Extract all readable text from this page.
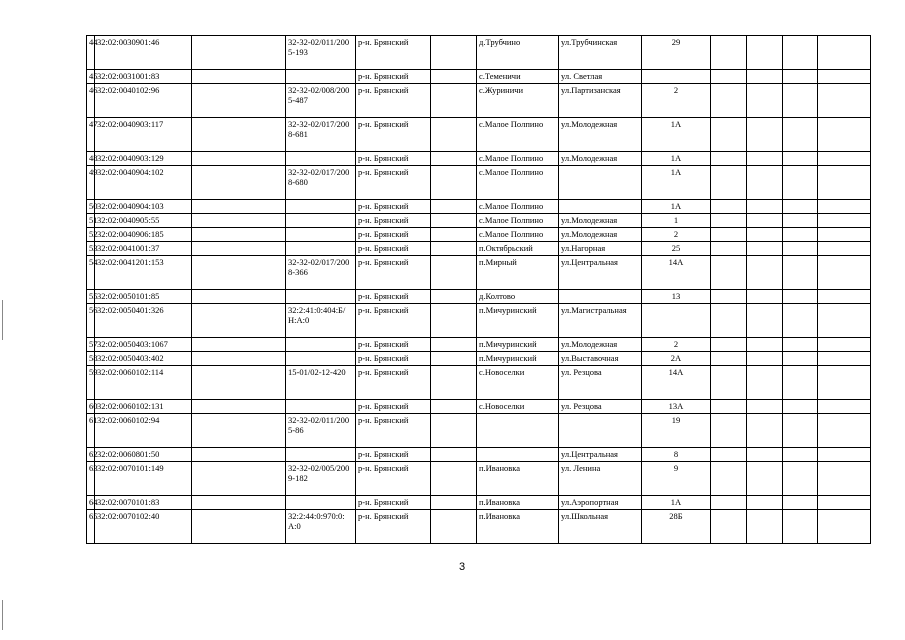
44	32:02:0030901:46		32-32-02/011/2005-193	р-н. Брянский		д.Трубчино	ул.Трубчинская	29				
45	32:02:0031001:83			р-н. Брянский		с.Теменичи	ул. Светлая					
46	32:02:0040102:96		32-32-02/008/2005-487	р-н. Брянский		с.Журиничи	ул.Партизанская	2				
47	32:02:0040903:117		32-32-02/017/2008-681	р-н. Брянский		с.Малое Полпино	ул.Молодежная	1А				
48	32:02:0040903:129			р-н. Брянский		с.Малое Полпино	ул.Молодежная	1А				
49	32:02:0040904:102		32-32-02/017/2008-680	р-н. Брянский		с.Малое Полпино		1А				
50	32:02:0040904:103			р-н. Брянский		с.Малое Полпино		1А				
51	32:02:0040905:55			р-н. Брянский		с.Малое Полпино	ул.Молодежная	1				
52	32:02:0040906:185			р-н. Брянский		с.Малое Полпино	ул.Молодежная	2				
53	32:02:0041001:37			р-н. Брянский		п.Октябрьский	ул.Нагорная	25				
54	32:02:0041201:153		32-32-02/017/2008-366	р-н. Брянский		п.Мирный	ул.Центральная	14А				
55	32:02:0050101:85			р-н. Брянский		д.Колтово		13				
56	32:02:0050401:326		32:2:41:0:404:Б/Н:А:0	р-н. Брянский		п.Мичуринский	ул.Магистральная					
57	32:02:0050403:1067			р-н. Брянский		п.Мичуринский	ул.Молодежная	2				
58	32:02:0050403:402			р-н. Брянский		п.Мичуринский	ул.Выставочная	2А				
59	32:02:0060102:114		15-01/02-12-420	р-н. Брянский		с.Новоселки	ул. Резцова	14А				
60	32:02:0060102:131			р-н. Брянский		с.Новоселки	ул. Резцова	13А				
61	32:02:0060102:94		32-32-02/011/2005-86	р-н. Брянский				19				
62	32:02:0060801:50			р-н. Брянский			ул.Центральная	8				
63	32:02:0070101:149		32-32-02/005/2009-182	р-н. Брянский		п.Ивановка	ул. Ленина	9				
64	32:02:0070101:83			р-н. Брянский		п.Ивановка	ул.Аэропортная	1А				
65	32:02:0070102:40		32:2:44:0:970:0:А:0	р-н. Брянский		п.Ивановка	ул.Школьная	28Б				
3
